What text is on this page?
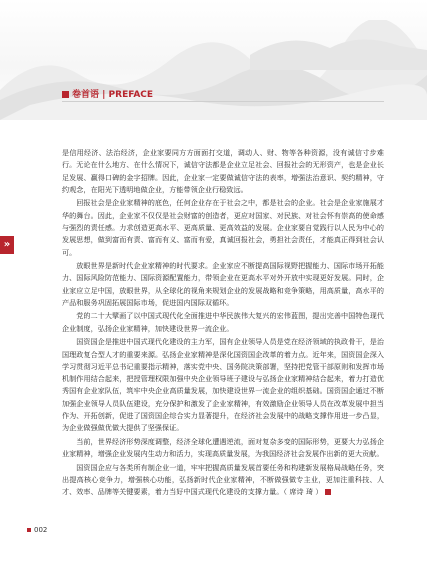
卷首语 | PREFACE
»

是信用经济、法治经济，企业家要同方方面面打交道，调动人、财、物等各种资源，没有诚信寸步难行。无论在什么地方、在什么情况下，诚信守法都是企业立足社会、回报社会的无形资产，也是企业长足发展、赢得口碑的金字招牌。因此，企业家一定要做诚信守法的表率，增强法治意识、契约精神，守约观念，在阳光下透明地做企业，方能带领企业行稳致远。

回报社会是企业家精神的底色，任何企业存在于社会之中，都是社会的企业。社会是企业家施展才华的舞台。因此，企业家不仅仅是社会财富的创造者，更应对国家、对民族、对社会怀有崇高的使命感与强烈的责任感。力求创造更高水平、更高质量、更高效益的发展。企业家要自觉践行以人民为中心的发展思想，做到富而有责、富而有义、富而有爱，真诚回报社会，勇担社会责任，才能真正得到社会认可。

放眼世界是新时代企业家精神的时代要求。企业家应不断提高国际视野把握能力、国际市场开拓能力、国际风险防范能力、国际资源配置能力，带领企业在更高水平对外开放中实现更好发展。同时，企业家应立足中国，放眼世界，从全球化的视角来规划企业的发展战略和竞争策略，用高质量，高水平的产品和服务巩固拓展国际市场，促进国内国际双循环。

党的二十大擘画了以中国式现代化全面推进中华民族伟大复兴的宏伟蓝图，提出完善中国特色现代企业制度，弘扬企业家精神，加快建设世界一流企业。

国资国企是推进中国式现代化建设的主力军，国有企业领导人员是党在经济领域的执政骨干，是治国理政复合型人才的重要来源。弘扬企业家精神是深化国资国企改革的着力点。近年来，国资国企深入学习贯彻习近平总书记重要指示精神，落实党中央、国务院决策部署，坚持把党管干部原则和发挥市场机制作用结合起来，把授管理权限加强中央企业领导班子建设与弘扬企业家精神结合起来，着力打造优秀国有企业家队伍，筑牢中央企业高质量发展，加快建设世界一流企业的组织基础。国资国企通过不断加强企业领导人员队伍建设，充分保护和激发了企业家精神，有效激励企业领导人员在改革发展中担当作为、开拓创新，促进了国资国企综合实力显著提升，在经济社会发展中的战略支撑作用进一步凸显，为企业做强做优做大提供了坚强保证。

当前，世界经济形势深度调整，经济全球化遭遇逆流，面对复杂多变的国际形势，更要大力弘扬企业家精神，增强企业发展内生动力和活力，实现高质量发展，为我国经济社会发展作出新的更大贡献。

国资国企应与各类所有制企业一道，牢牢把握高质量发展首要任务和构建新发展格局战略任务，突出提高核心竞争力，增强核心功能，弘扬新时代企业家精神，不断做强做专主业，更加注重科技、人才、效率、品牌等关键要素，着力当好中国式现代化建设的支撑力量。（ 席诗 琦 ）

002
